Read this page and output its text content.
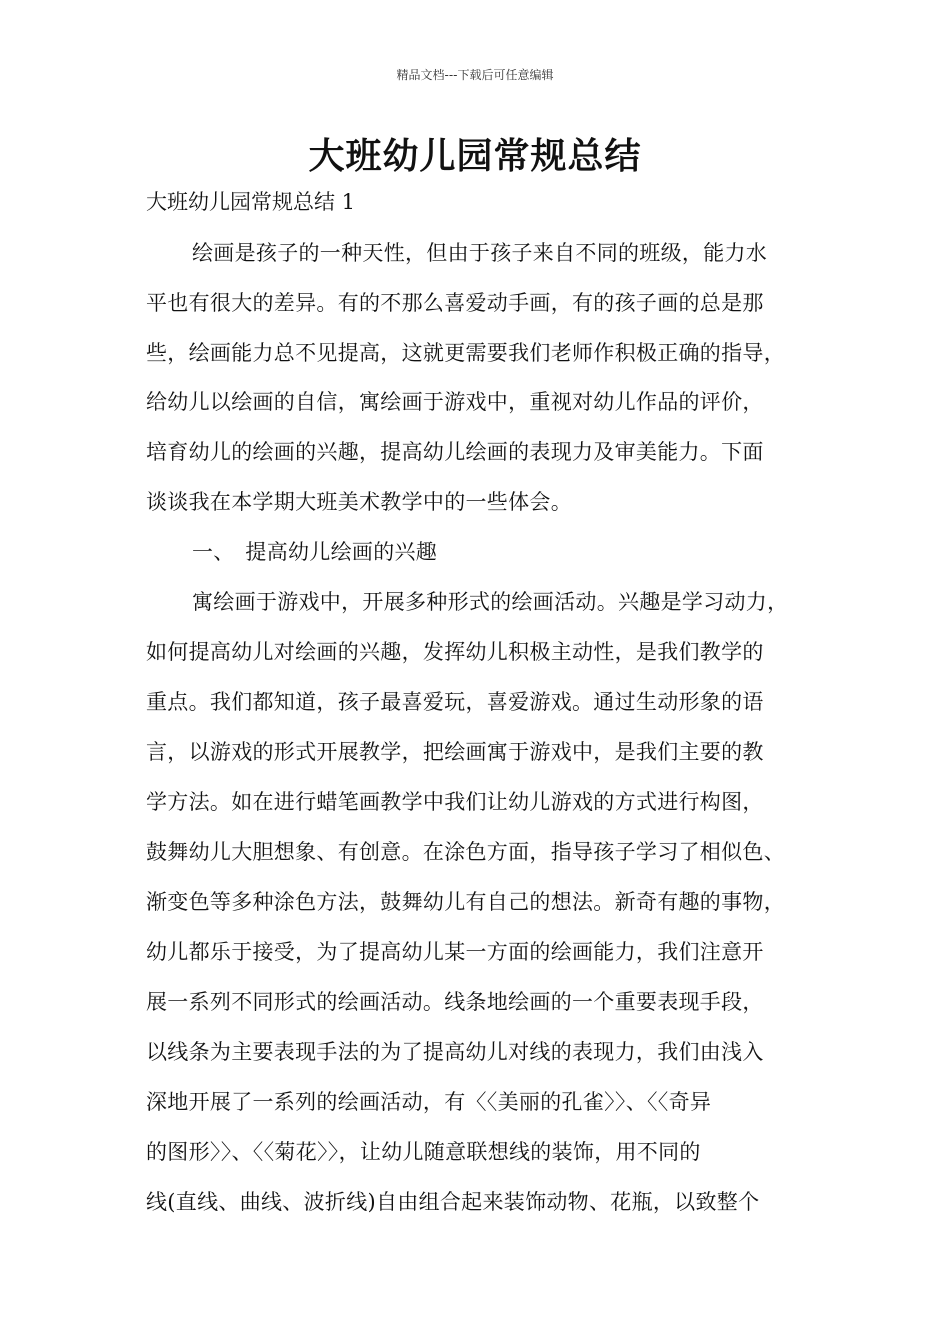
精品文档---下载后可任意编辑
大班幼儿园常规总结
大班幼儿园常规总结 1
绘画是孩子的一种天性，但由于孩子来自不同的班级，能力水
平也有很大的差异。有的不那么喜爱动手画，有的孩子画的总是那
些，绘画能力总不见提高，这就更需要我们老师作积极正确的指导，
给幼儿以绘画的自信，寓绘画于游戏中，重视对幼儿作品的评价，
培育幼儿的绘画的兴趣，提高幼儿绘画的表现力及审美能力。下面
谈谈我在本学期大班美术教学中的一些体会。
一、　提高幼儿绘画的兴趣
寓绘画于游戏中，开展多种形式的绘画活动。兴趣是学习动力，
如何提高幼儿对绘画的兴趣，发挥幼儿积极主动性，是我们教学的
重点。我们都知道，孩子最喜爱玩，喜爱游戏。通过生动形象的语
言，以游戏的形式开展教学，把绘画寓于游戏中，是我们主要的教
学方法。如在进行蜡笔画教学中我们让幼儿游戏的方式进行构图，
鼓舞幼儿大胆想象、有创意。在涂色方面，指导孩子学习了相似色、
渐变色等多种涂色方法，鼓舞幼儿有自己的想法。新奇有趣的事物，
幼儿都乐于接受，为了提高幼儿某一方面的绘画能力，我们注意开
展一系列不同形式的绘画活动。线条地绘画的一个重要表现手段，
以线条为主要表现手法的为了提高幼儿对线的表现力，我们由浅入
深地开展了一系列的绘画活动，有〈〈美丽的孔雀〉〉、〈〈奇异
的图形〉〉、〈〈菊花〉〉，让幼儿随意联想线的装饰，用不同的
线(直线、曲线、波折线)自由组合起来装饰动物、花瓶，以致整个
